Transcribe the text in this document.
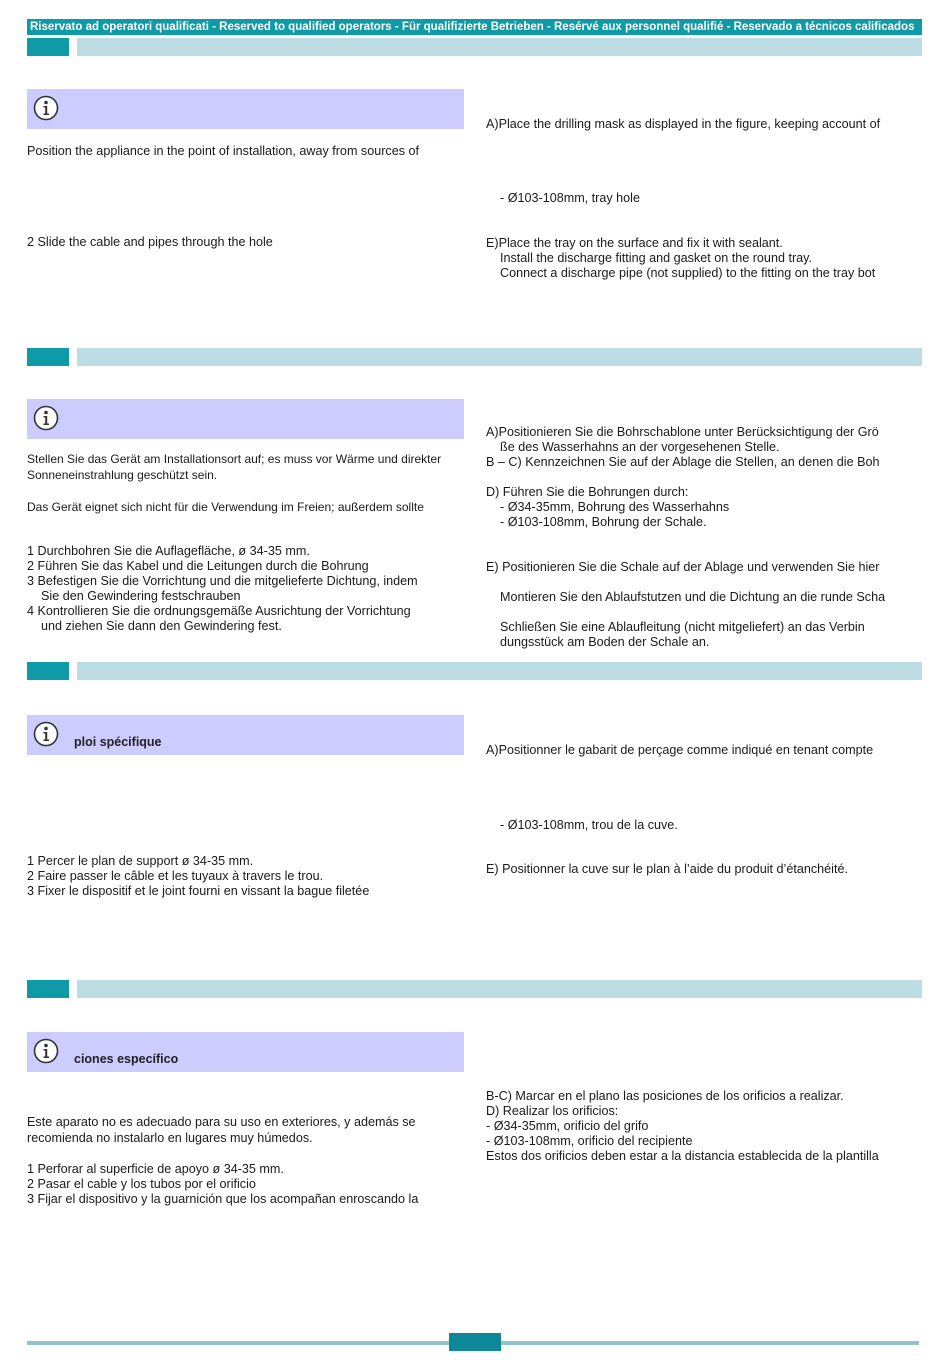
Riservato ad operatori qualificati - Reserved to qualified operators - Für qualifizierte Betrieben - Resérvé aux personnel qualifié - Reservado a técnicos calificados
Position the appliance in the point of installation, away from sources of
2 Slide the cable and pipes through the hole
A)Place the drilling mask as displayed in the figure, keeping account of
- Ø103-108mm, tray hole
E)Place the tray on the surface and fix it with sealant.
Install the discharge fitting and gasket on the round tray.
Connect a discharge pipe (not supplied) to the fitting on the tray bot
Stellen Sie das Gerät am Installationsort auf; es muss vor Wärme und direkter
Sonneneinstrahlung geschützt sein.
Das Gerät eignet sich nicht für die Verwendung im Freien; außerdem sollte
1 Durchbohren Sie die Auflagefläche, ø 34-35 mm.
2 Führen Sie das Kabel und die Leitungen durch die Bohrung
3 Befestigen Sie die Vorrichtung und die mitgelieferte Dichtung, indem
Sie den Gewindering festschrauben
4 Kontrollieren Sie die ordnungsgemäße Ausrichtung der Vorrichtung
und ziehen Sie dann den Gewindering fest.
A)Positionieren Sie die Bohrschablone unter Berücksichtigung der Grö
ße des Wasserhahns an der vorgesehenen Stelle.
B – C) Kennzeichnen Sie auf der Ablage die Stellen, an denen die Boh
D) Führen Sie die Bohrungen durch:
- Ø34-35mm, Bohrung des Wasserhahns
- Ø103-108mm, Bohrung der Schale.
E) Positionieren Sie die Schale auf der Ablage und verwenden Sie hier
Montieren Sie den Ablaufstutzen und die Dichtung an die runde Scha
Schließen Sie eine Ablaufleitung (nicht mitgeliefert) an das Verbin
dungsstück am Boden der Schale an.
ploi spécifique
1 Percer le plan de support ø 34-35 mm.
2 Faire passer le câble et les tuyaux à travers le trou.
3 Fixer le dispositif et le joint fourni en vissant la bague filetée
A)Positionner le gabarit de perçage comme indiqué en tenant compte
- Ø103-108mm, trou de la cuve.
E) Positionner la cuve sur le plan à l’aide du produit d’étanchéité.
ciones específico
Este aparato no es adecuado para su uso en exteriores, y además se
recomienda no instalarlo en lugares muy húmedos.
1 Perforar al superficie de apoyo ø 34-35 mm.
2 Pasar el cable y los tubos por el orificio
3 Fijar el dispositivo y la guarnición que los acompañan enroscando la
B-C) Marcar en el plano las posiciones de los orificios a realizar.
D) Realizar los orificios:
- Ø34-35mm, orificio del grifo
- Ø103-108mm, orificio del recipiente
Estos dos orificios deben estar a la distancia establecida de la plantilla
